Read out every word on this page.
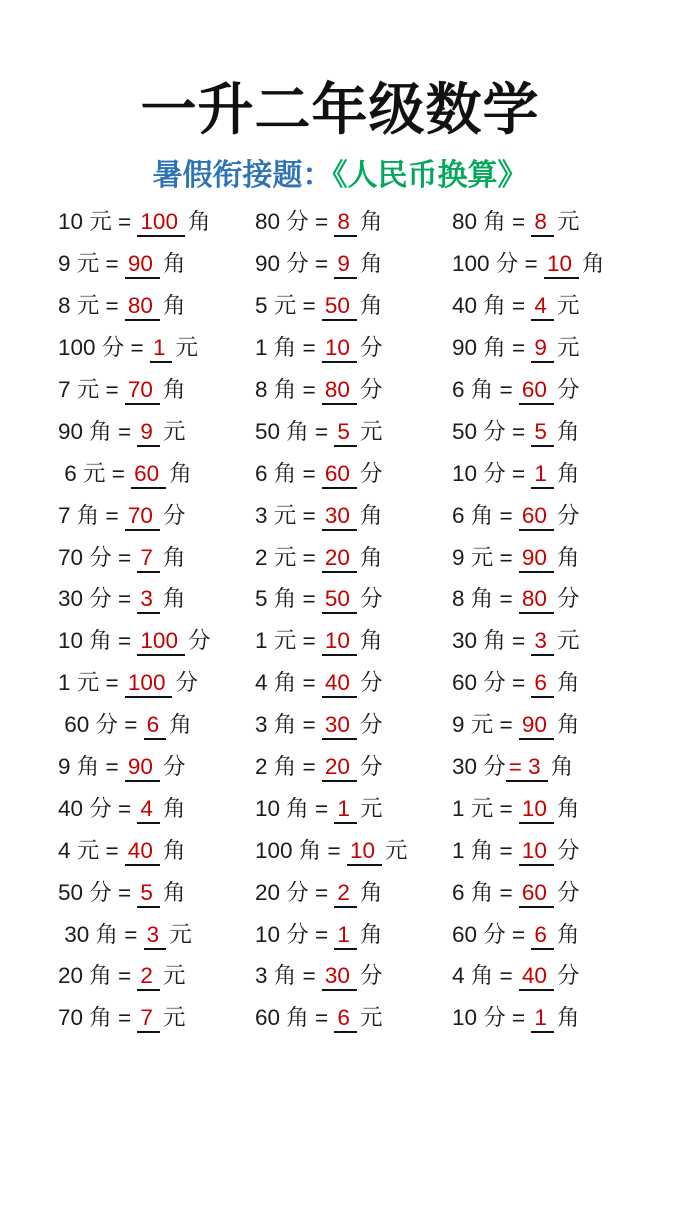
一升二年级数学
暑假衔接题：《人民币换算》
10 元 = 100 角	80 分 = 8 角	80 角 = 8 元
9 元 = 90 角	90 分 = 9 角	100 分 = 10 角
8 元 = 80 角	5 元 = 50 角	40 角 = 4 元
100 分 = 1 元	1 角 = 10 分	90 角 = 9 元
7 元 = 70 角	8 角 = 80 分	6 角 = 60 分
90 角 = 9 元	50 角 = 5 元	50 分 = 5 角
6 元 = 60 角	6 角 = 60 分	10 分 = 1 角
7 角 = 70 分	3 元 = 30 角	6 角 = 60 分
70 分 = 7 角	2 元 = 20 角	9 元 = 90 角
30 分 = 3 角	5 角 = 50 分	8 角 = 80 分
10 角 = 100 分	1 元 = 10 角	30 角 = 3 元
1 元 = 100 分	4 角 = 40 分	60 分 = 6 角
60 分 = 6 角	3 角 = 30 分	9 元 = 90 角
9 角 = 90 分	2 角 = 20 分	30 分 = 3 角
40 分 = 4 角	10 角 = 1 元	1 元 = 10 角
4 元 = 40 角	100 角 = 10 元	1 角 = 10 分
50 分 = 5 角	20 分 = 2 角	6 角 = 60 分
30 角 = 3 元	10 分 = 1 角	60 分 = 6 角
20 角 = 2 元	3 角 = 30 分	4 角 = 40 分
70 角 = 7 元	60 角 = 6 元	10 分 = 1 角
